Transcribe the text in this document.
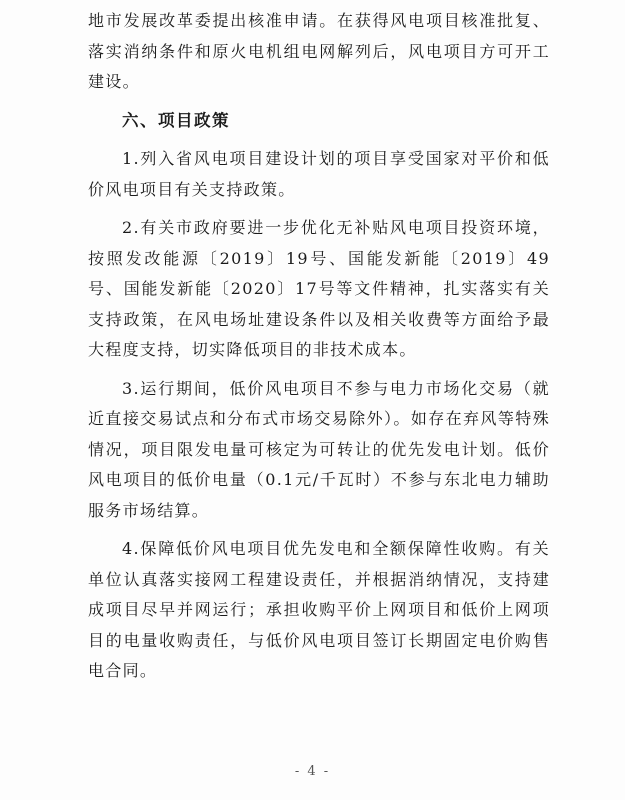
地市发展改革委提出核准申请。在获得风电项目核准批复、落实消纳条件和原火电机组电网解列后，风电项目方可开工建设。

六、项目政策

1.列入省风电项目建设计划的项目享受国家对平价和低价风电项目有关支持政策。

2.有关市政府要进一步优化无补贴风电项目投资环境，按照发改能源〔2019〕19号、国能发新能〔2019〕49号、国能发新能〔2020〕17号等文件精神，扎实落实有关支持政策，在风电场址建设条件以及相关收费等方面给予最大程度支持，切实降低项目的非技术成本。

3.运行期间，低价风电项目不参与电力市场化交易（就近直接交易试点和分布式市场交易除外）。如存在弃风等特殊情况，项目限发电量可核定为可转让的优先发电计划。低价风电项目的低价电量（0.1元/千瓦时）不参与东北电力辅助服务市场结算。

4.保障低价风电项目优先发电和全额保障性收购。有关单位认真落实接网工程建设责任，并根据消纳情况，支持建成项目尽早并网运行；承担收购平价上网项目和低价上网项目的电量收购责任，与低价风电项目签订长期固定电价购售电合同。

- 4 -
